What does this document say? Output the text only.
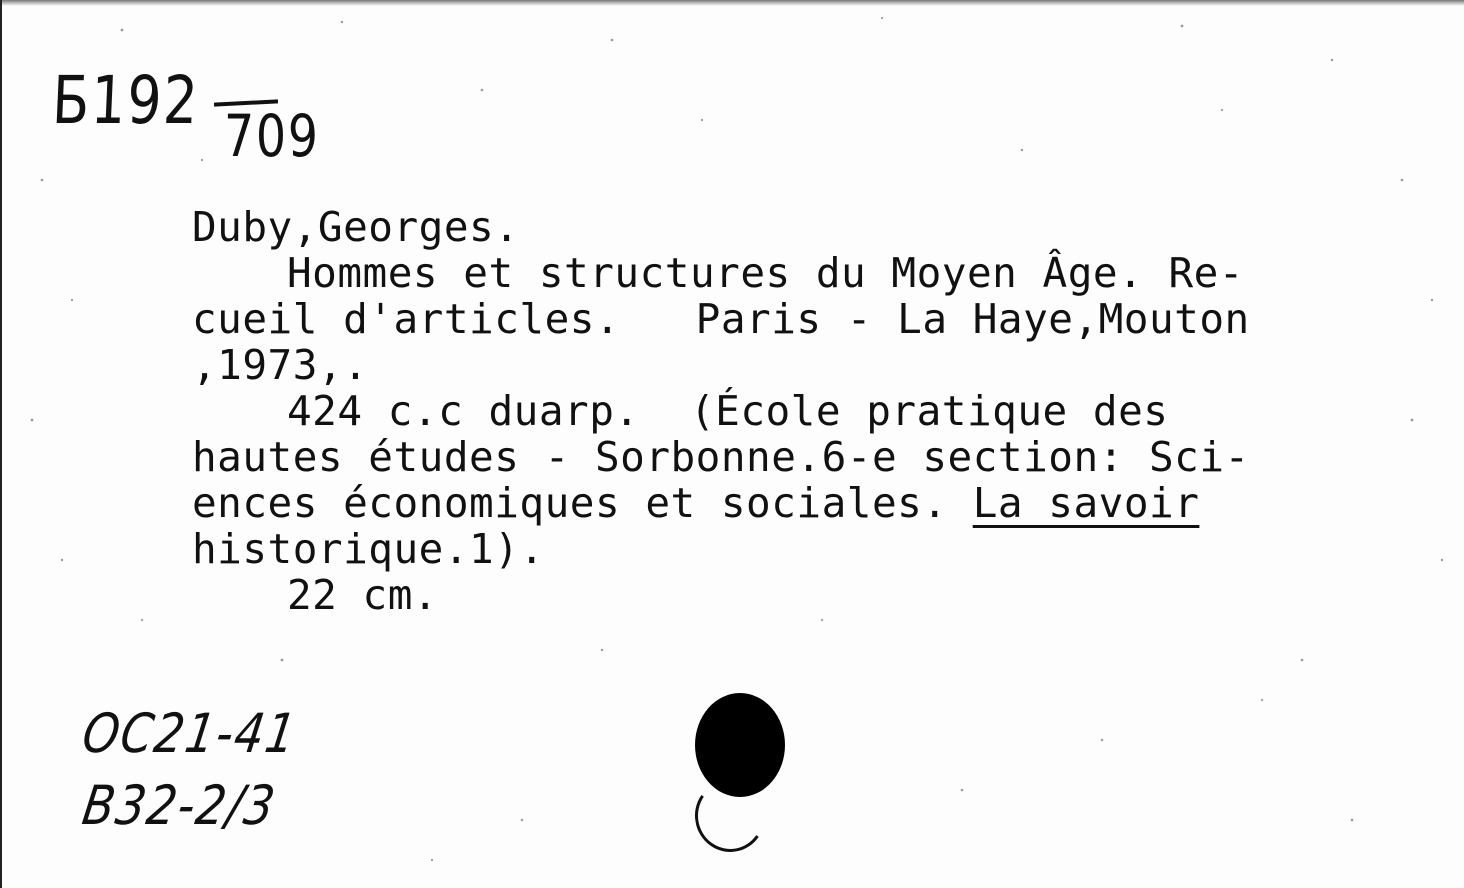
Б192 709
Duby,Georges.
Hommes et structures du Moyen Âge. Re-
cueil d'articles.   Paris - La Haye,Mouton
‚1973‚.
424 c.c duarp.  (École pratique des
hautes études - Sorbonne.6-e section: Sci-
ences économiques et sociales. La savoir
historique.1).
22 cm.
OC21-41
B32-2/3
